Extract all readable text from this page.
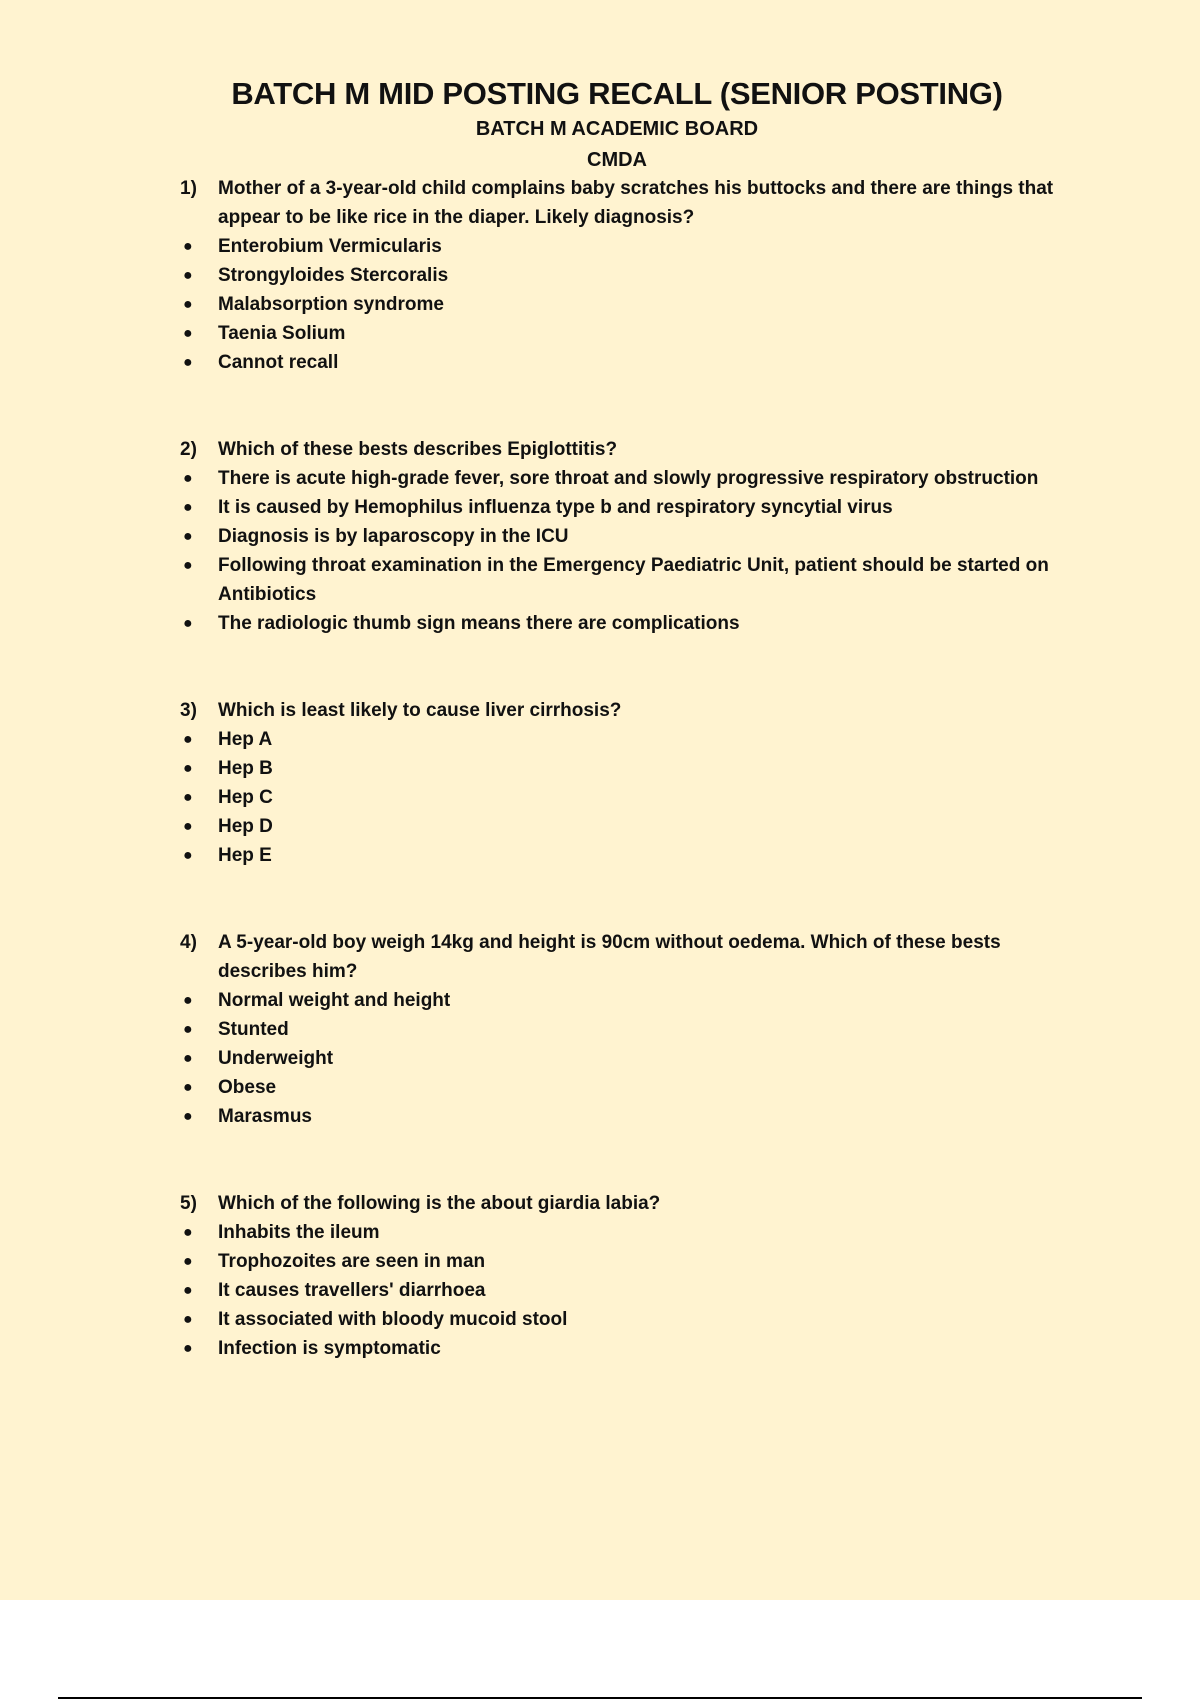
BATCH M MID POSTING RECALL (SENIOR POSTING)
BATCH M ACADEMIC BOARD
CMDA
1) Mother of a 3-year-old child complains baby scratches his buttocks and there are things that appear to be like rice in the diaper. Likely diagnosis?
● Enterobium Vermicularis
● Strongyloides Stercoralis
● Malabsorption syndrome
● Taenia Solium
● Cannot recall
2) Which of these bests describes Epiglottitis?
● There is acute high-grade fever, sore throat and slowly progressive respiratory obstruction
● It is caused by Hemophilus influenza type b and respiratory syncytial virus
● Diagnosis is by laparoscopy in the ICU
● Following throat examination in the Emergency Paediatric Unit, patient should be started on Antibiotics
● The radiologic thumb sign means there are complications
3) Which is least likely to cause liver cirrhosis?
● Hep A
● Hep B
● Hep C
● Hep D
● Hep E
4) A 5-year-old boy weigh 14kg and height is 90cm without oedema. Which of these bests describes him?
● Normal weight and height
● Stunted
● Underweight
● Obese
● Marasmus
5) Which of the following is the about giardia labia?
● Inhabits the ileum
● Trophozoites are seen in man
● It causes travellers' diarrhoea
● It associated with bloody mucoid stool
● Infection is symptomatic
